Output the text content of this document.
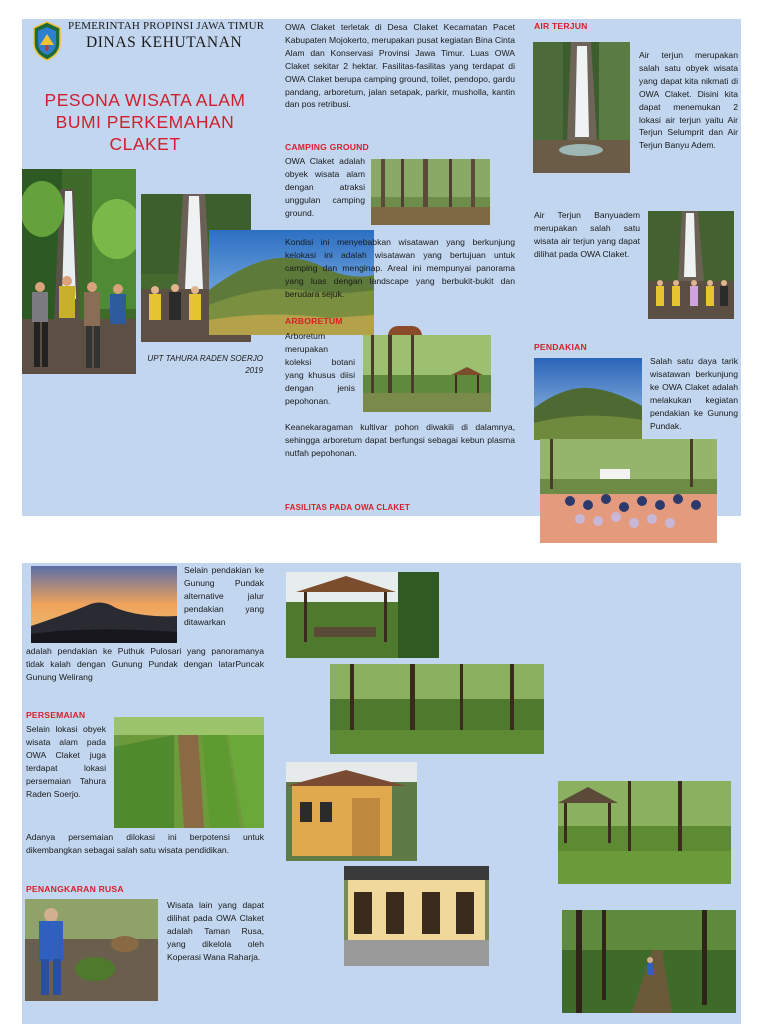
PEMERINTAH PROPINSI JAWA TIMUR
DINAS KEHUTANAN
PESONA WISATA ALAM
BUMI PERKEMAHAN
CLAKET
UPT TAHURA RADEN SOERJO
2019
OWA Claket terletak di Desa Claket Kecamatan Pacet Kabupaten Mojokerto, merupakan pusat kegiatan Bina Cinta Alam dan Konservasi Provinsi Jawa Timur. Luas OWA Claket sekitar 2 hektar. Fasilitas-fasilitas yang terdapat di OWA Claket berupa camping ground, toilet, pendopo, gardu pandang, arboretum, jalan setapak, parkir, musholla, kantin dan pos retribusi.
CAMPING GROUND
OWA Claket adalah obyek wisata alam dengan atraksi unggulan camping ground.
Kondisi ini menyebabkan wisatawan yang berkunjung kelokasi ini adalah wisatawan yang bertujuan untuk camping dan menginap. Areal ini mempunyai panorama yang luas dengan landscape yang berbukit-bukit dan berudara sejuk.
ARBORETUM
Arboretum merupakan koleksi botani yang khusus diisi dengan jenis pepohonan.
Keanekaragaman kultivar pohon diwakili di dalamnya, sehingga arboretum dapat berfungsi sebagai kebun plasma nutfah pepohonan.
FASILITAS PADA OWA CLAKET
AIR TERJUN
Air terjun merupakan salah satu obyek wisata yang dapat kita nikmati di OWA Claket. Disini kita dapat menemukan 2 lokasi air terjun yaitu Air Terjun Selumprit dan Air Terjun Banyu Adem.
Air Terjun Banyuadem merupakan salah satu wisata air terjun yang dapat dilihat pada OWA Claket.
PENDAKIAN
Salah satu daya tarik wisatawan berkunjung ke OWA Claket adalah melakukan kegiatan pendakian ke Gunung Pundak.
Selain pendakian ke Gunung Pundak alternative jalur pendakian yang ditawarkan
adalah pendakian ke Puthuk Pulosari yang panoramanya tidak kalah dengan Gunung Pundak dengan latarPuncak Gunung Welirang
PERSEMAIAN
Selain lokasi obyek wisata alam pada OWA Claket juga terdapat lokasi persemaian Tahura Raden Soerjo.
Adanya persemaian dilokasi ini berpotensi untuk dikembangkan sebagai salah satu wisata pendidikan.
PENANGKARAN RUSA
Wisata lain yang dapat dilihat pada OWA Claket adalah Taman Rusa, yang dikelola oleh Koperasi Wana Raharja.
